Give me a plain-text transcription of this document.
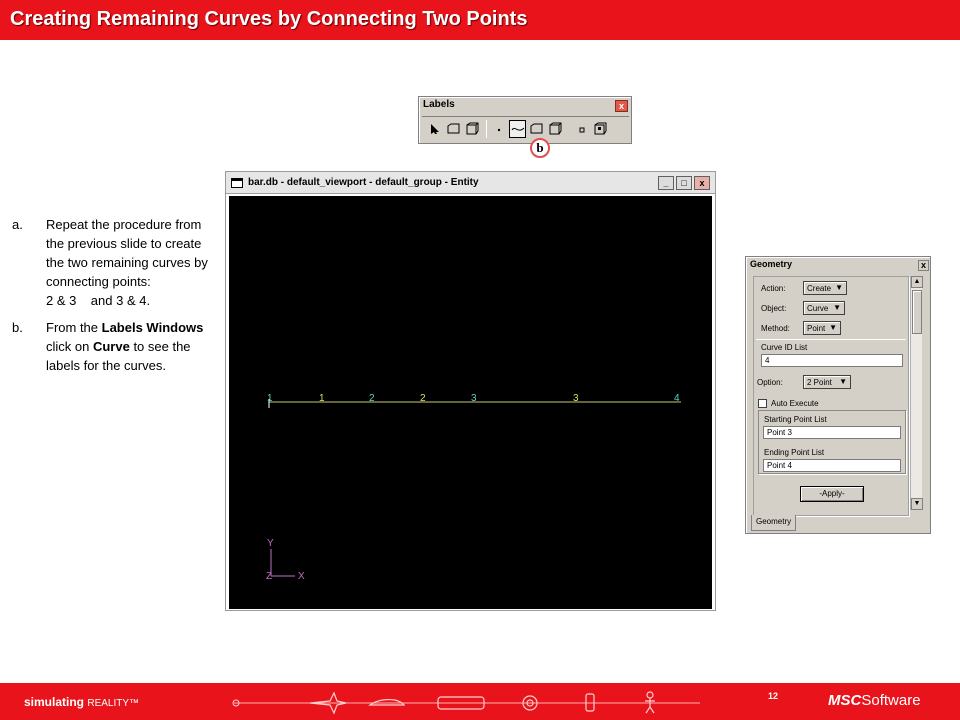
Creating Remaining Curves by Connecting Two Points
Labels	x
b
a. Repeat the procedure from the previous slide to create the two remaining curves by connecting points:
2 & 3    and 3 & 4.
b. From the Labels Windows click on Curve to see the labels for the curves.
bar.db - default_viewport - default_group - Entity	_	□	x
1	1	2	2	3	3	4
Y
Z	X
Geometry	x
Action:	Create ▼
Object:	Curve ▼
Method:	Point ▼
Curve ID List
4
Option:	2 Point ▼
Auto Execute
Starting Point List
Point 3
Ending Point List
Point 4
-Apply-
▲
▼
Geometry
simulating REALITY™
12	MSCSoftware
